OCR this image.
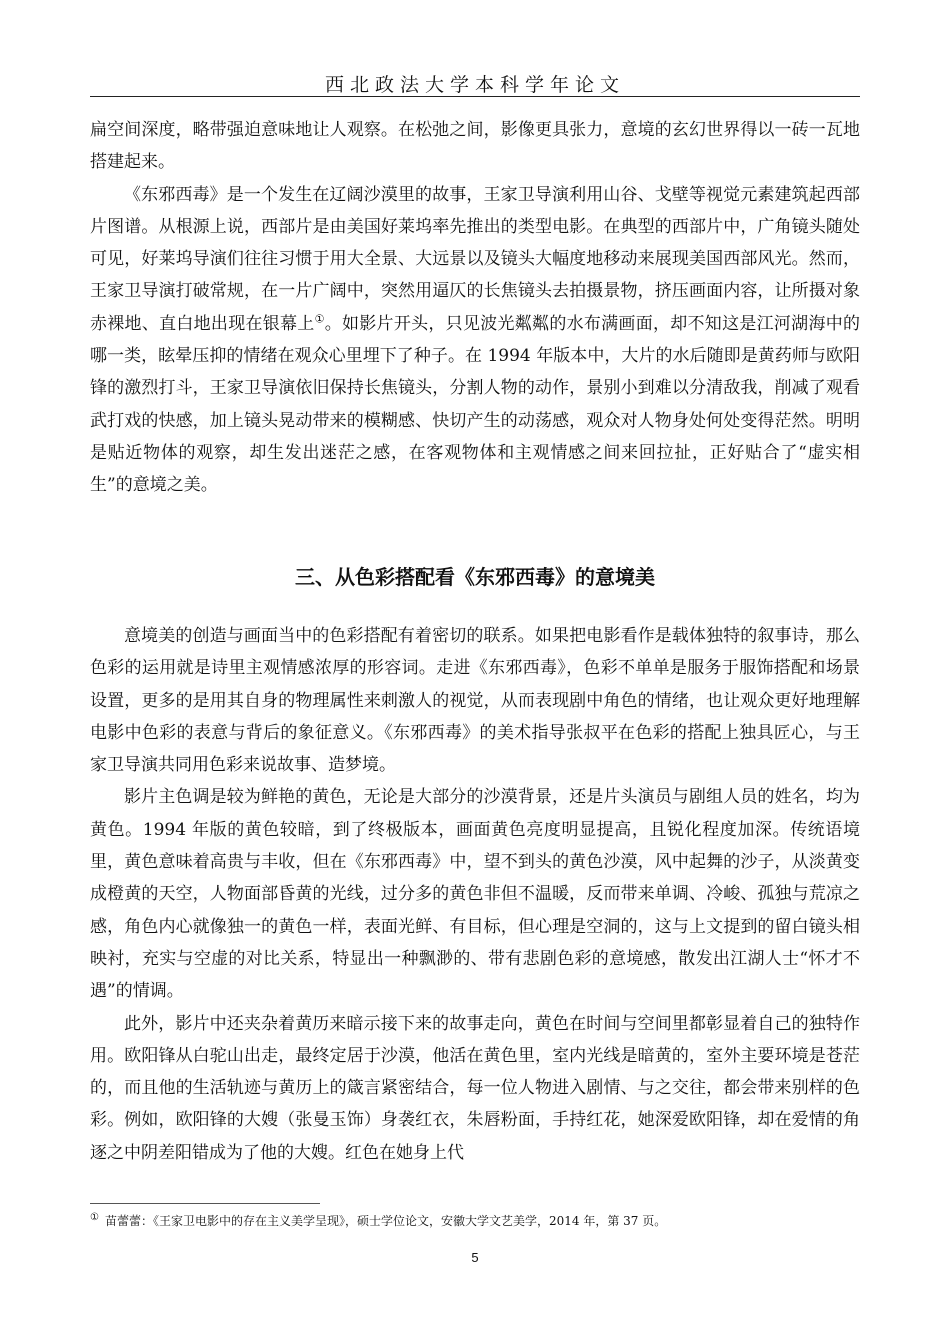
西北政法大学本科学年论文

扁空间深度，略带强迫意味地让人观察。在松弛之间，影像更具张力，意境的玄幻世界得以一砖一瓦地搭建起来。

《东邪西毒》是一个发生在辽阔沙漠里的故事，王家卫导演利用山谷、戈壁等视觉元素建筑起西部片图谱。从根源上说，西部片是由美国好莱坞率先推出的类型电影。在典型的西部片中，广角镜头随处可见，好莱坞导演们往往习惯于用大全景、大远景以及镜头大幅度地移动来展现美国西部风光。然而，王家卫导演打破常规，在一片广阔中，突然用逼仄的长焦镜头去拍摄景物，挤压画面内容，让所摄对象赤裸地、直白地出现在银幕上①。如影片开头，只见波光粼粼的水布满画面，却不知这是江河湖海中的哪一类，眩晕压抑的情绪在观众心里埋下了种子。在 1994 年版本中，大片的水后随即是黄药师与欧阳锋的激烈打斗，王家卫导演依旧保持长焦镜头，分割人物的动作，景别小到难以分清敌我，削减了观看武打戏的快感，加上镜头晃动带来的模糊感、快切产生的动荡感，观众对人物身处何处变得茫然。明明是贴近物体的观察，却生发出迷茫之感，在客观物体和主观情感之间来回拉扯，正好贴合了“虚实相生”的意境之美。

三、从色彩搭配看《东邪西毒》的意境美

意境美的创造与画面当中的色彩搭配有着密切的联系。如果把电影看作是载体独特的叙事诗，那么色彩的运用就是诗里主观情感浓厚的形容词。走进《东邪西毒》，色彩不单单是服务于服饰搭配和场景设置，更多的是用其自身的物理属性来刺激人的视觉，从而表现剧中角色的情绪，也让观众更好地理解电影中色彩的表意与背后的象征意义。《东邪西毒》的美术指导张叔平在色彩的搭配上独具匠心，与王家卫导演共同用色彩来说故事、造梦境。

影片主色调是较为鲜艳的黄色，无论是大部分的沙漠背景，还是片头演员与剧组人员的姓名，均为黄色。1994 年版的黄色较暗，到了终极版本，画面黄色亮度明显提高，且锐化程度加深。传统语境里，黄色意味着高贵与丰收，但在《东邪西毒》中，望不到头的黄色沙漠，风中起舞的沙子，从淡黄变成橙黄的天空，人物面部昏黄的光线，过分多的黄色非但不温暖，反而带来单调、冷峻、孤独与荒凉之感，角色内心就像独一的黄色一样，表面光鲜、有目标，但心理是空洞的，这与上文提到的留白镜头相映衬，充实与空虚的对比关系，特显出一种飘渺的、带有悲剧色彩的意境感，散发出江湖人士“怀才不遇”的情调。

此外，影片中还夹杂着黄历来暗示接下来的故事走向，黄色在时间与空间里都彰显着自己的独特作用。欧阳锋从白驼山出走，最终定居于沙漠，他活在黄色里，室内光线是暗黄的，室外主要环境是苍茫的，而且他的生活轨迹与黄历上的箴言紧密结合，每一位人物进入剧情、与之交往，都会带来别样的色彩。例如，欧阳锋的大嫂（张曼玉饰）身袭红衣，朱唇粉面，手持红花，她深爱欧阳锋，却在爱情的角逐之中阴差阳错成为了他的大嫂。红色在她身上代

① 苗蕾蕾：《王家卫电影中的存在主义美学呈现》，硕士学位论文，安徽大学文艺美学，2014 年，第 37 页。
5
